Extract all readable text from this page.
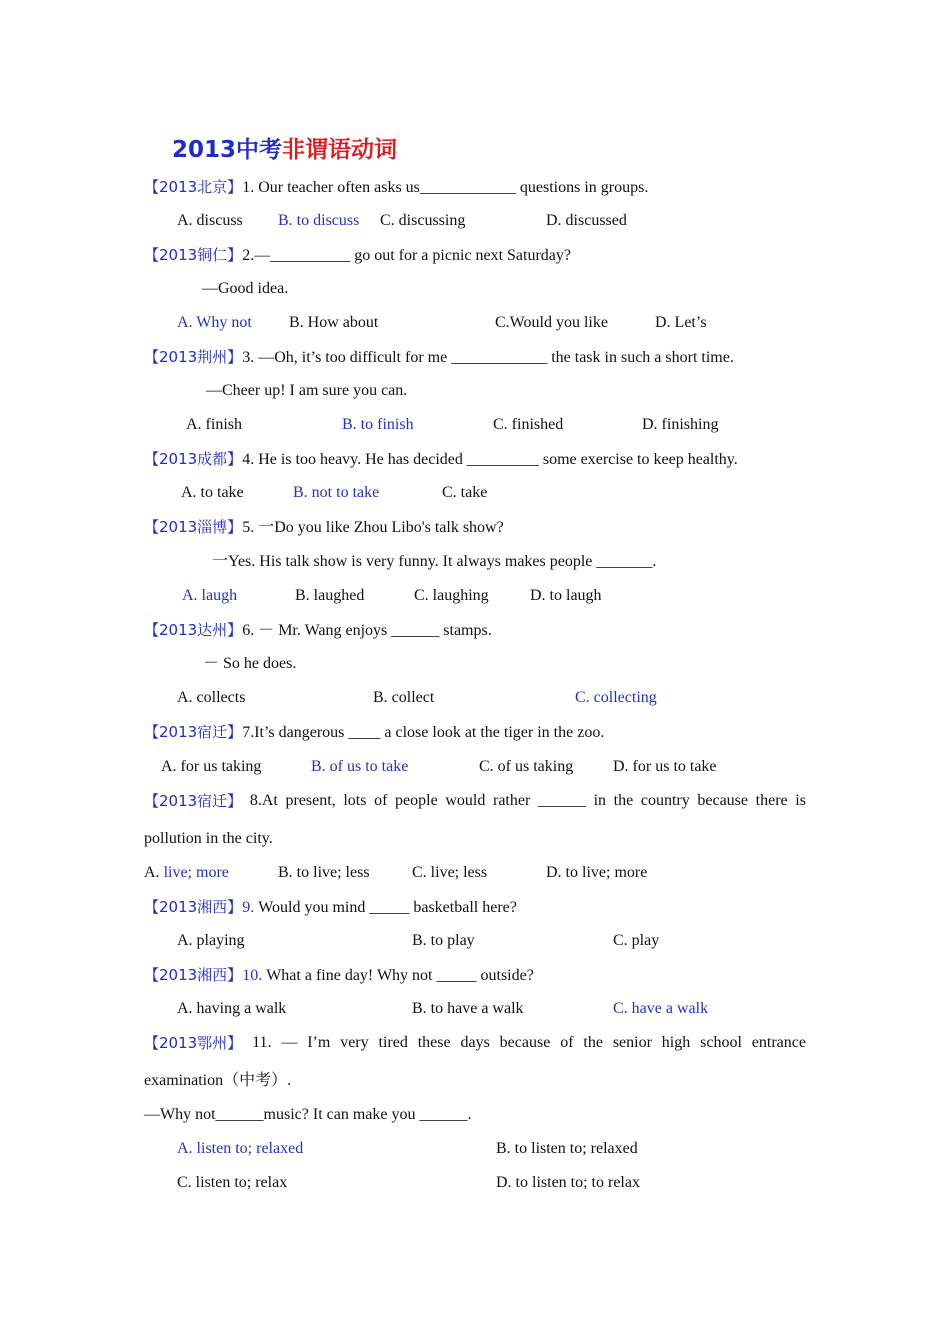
2013中考非谓语动词
【2013北京】1. Our teacher often asks us____________ questions in groups.
A. discuss B. to discuss C. discussing	D. discussed
【2013铜仁】2.—__________ go out for a picnic next Saturday?
—Good idea.
A. Why not B. How about	C.Would you like	D. Let’s
【2013荆州】3. —Oh, it’s too difficult for me ____________ the task in such a short time.
—Cheer up! I am sure you can.
A. finish	B. to finish	C. finished	D. finishing
【2013成都】4. He is too heavy. He has decided _________ some exercise to keep healthy.
A. to take	B. not to take	C. take
【2013淄博】5. 一Do you like Zhou Libo's talk show?
一Yes. His talk show is very funny. It always makes people _______.
A. laugh	B. laughed	C. laughing	D. to laugh
【2013达州】6. － Mr. Wang enjoys ______ stamps.
－ So he does.
A. collects	B. collect	C. collecting
【2013宿迁】7.It’s dangerous ____ a close look at the tiger in the zoo.
A. for us taking	B. of us to take	C. of us taking D. for us to take
【2013宿迁】 8.At present, lots of people would rather ______ in the country because there is
pollution in the city.
A. live; more	B. to live; less	C. live; less	D. to live; more
【2013湘西】9. Would you mind _____ basketball here?
A. playing	B. to play	C. play
【2013湘西】10. What a fine day! Why not _____ outside?
A. having a walk	B. to have a walk	C. have a walk
【2013鄂州】 11. — I’m very tired these days because of the senior high school entrance
examination（中考）.
—Why not______music? It can make you ______.
A. listen to; relaxed	B. to listen to; relaxed
C. listen to; relax	D. to listen to; to relax
